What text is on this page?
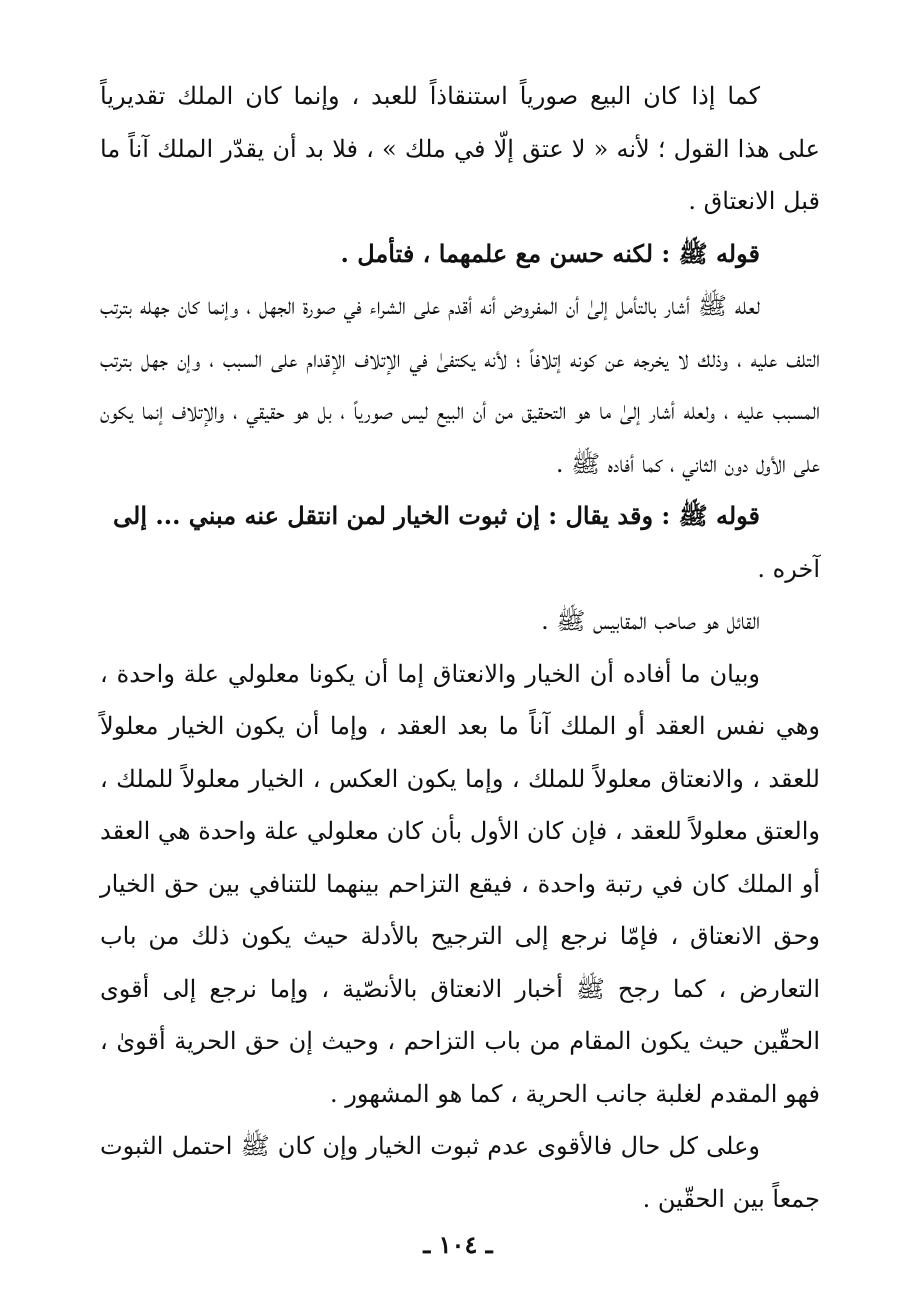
كما إذا كان البيع صورياً استنقاذاً للعبد ، وإنما كان الملك تقديرياً على هذا القول ؛ لأنه « لا عتق إلّا في ملك » ، فلا بد أن يقدّر الملك آناً ما قبل الانعتاق .

قوله ﷺ : لكنه حسن مع علمهما ، فتأمل .

لعله ﷺ أشار بالتأمل إلىٰ أن المفروض أنه أقدم على الشراء في صورة الجهل ، وإنما كان جهله بترتب التلف عليه ، وذلك لا يخرجه عن كونه إتلافاً ؛ لأنه يكتفىٰ في الإتلاف الإقدام على السبب ، وإن جهل بترتب المسبب عليه ، ولعله أشار إلىٰ ما هو التحقيق من أن البيع ليس صورياً ، بل هو حقيقي ، والإتلاف إنما يكون على الأول دون الثاني ، كما أفاده ﷺ .

قوله ﷺ : وقد يقال : إن ثبوت الخيار لمن انتقل عنه مبني ... إلى

آخره .

القائل هو صاحب المقابيس ﷺ .

وبيان ما أفاده أن الخيار والانعتاق إما أن يكونا معلولي علة واحدة ، وهي نفس العقد أو الملك آناً ما بعد العقد ، وإما أن يكون الخيار معلولاً للعقد ، والانعتاق معلولاً للملك ، وإما يكون العكس ، الخيار معلولاً للملك ، والعتق معلولاً للعقد ، فإن كان الأول بأن كان معلولي علة واحدة هي العقد أو الملك كان في رتبة واحدة ، فيقع التزاحم بينهما للتنافي بين حق الخيار وحق الانعتاق ، فإمّا نرجع إلى الترجيح بالأدلة حيث يكون ذلك من باب التعارض ، كما رجح ﷺ أخبار الانعتاق بالأنصّية ، وإما نرجع إلى أقوى الحقّين حيث يكون المقام من باب التزاحم ، وحيث إن حق الحرية أقوىٰ ، فهو المقدم لغلبة جانب الحرية ، كما هو المشهور .

وعلى كل حال فالأقوى عدم ثبوت الخيار وإن كان ﷺ احتمل الثبوت جمعاً بين الحقّين .

ـ ١٠٤ ـ
